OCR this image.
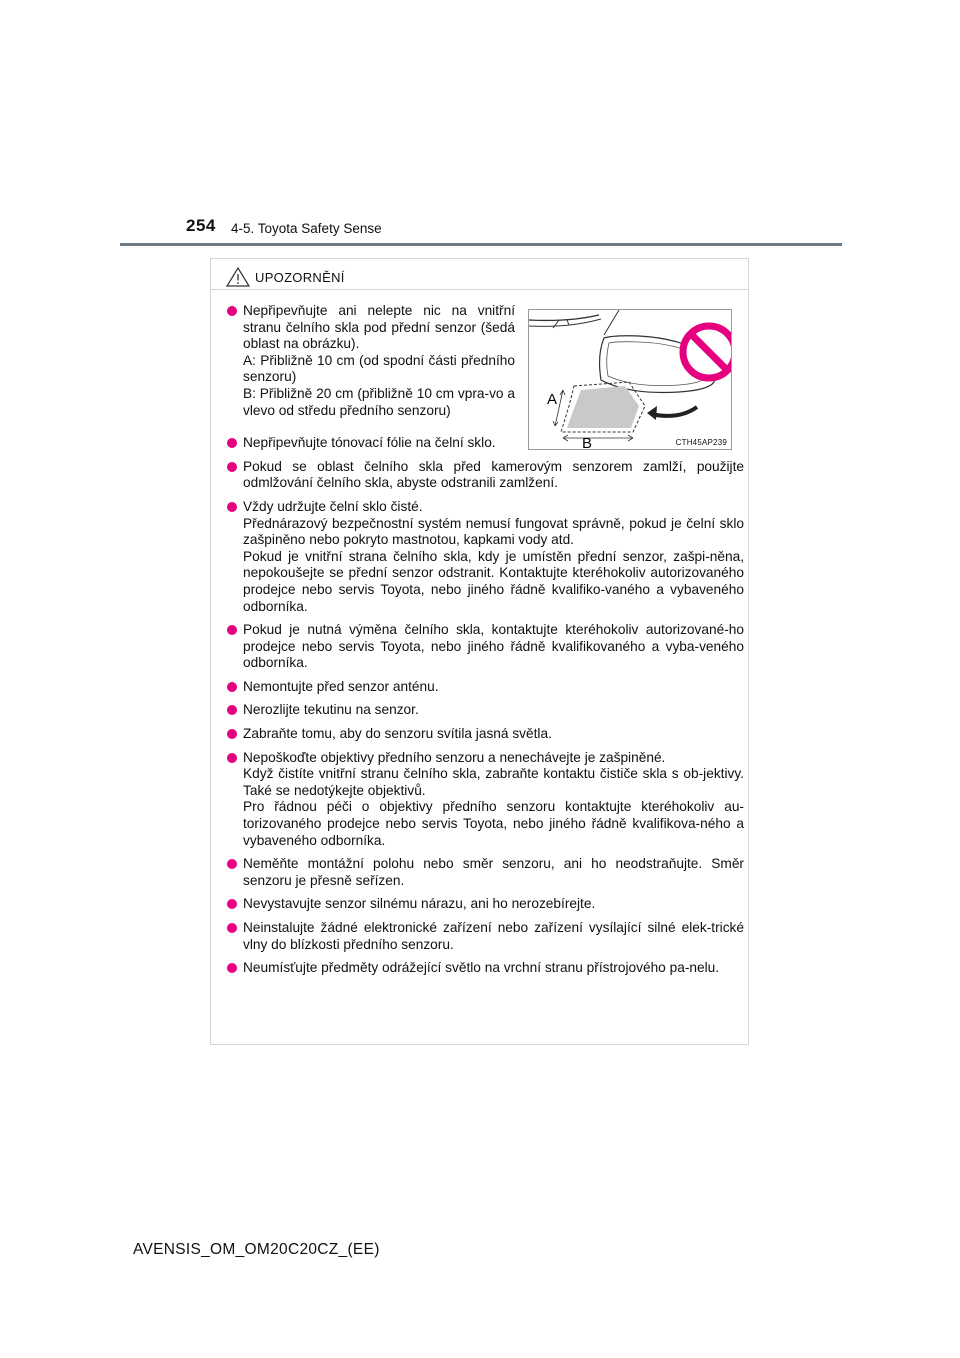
254 4-5. Toyota Safety Sense
UPOZORNĚNÍ
A
B	CTH45AP239
Nepřipevňujte ani nelepte nic na vnitřní stranu čelního skla pod přední senzor (šedá oblast na obrázku).
A: Přibližně 10 cm (od spodní části předního senzoru)
B: Přibližně 20 cm (přibližně 10 cm vpra-vo a vlevo od středu předního senzoru)
Nepřipevňujte tónovací fólie na čelní sklo.
Pokud se oblast čelního skla před kamerovým senzorem zamlží, použijte odmlžování čelního skla, abyste odstranili zamlžení.
Vždy udržujte čelní sklo čisté.
Přednárazový bezpečnostní systém nemusí fungovat správně, pokud je čelní sklo zašpiněno nebo pokryto mastnotou, kapkami vody atd.
Pokud je vnitřní strana čelního skla, kdy je umístěn přední senzor, zašpi-něna, nepokoušejte se přední senzor odstranit. Kontaktujte kteréhokoliv autorizovaného prodejce nebo servis Toyota, nebo jiného řádně kvalifiko-vaného a vybaveného odborníka.
Pokud je nutná výměna čelního skla, kontaktujte kteréhokoliv autorizované-ho prodejce nebo servis Toyota, nebo jiného řádně kvalifikovaného a vyba-veného odborníka.
Nemontujte před senzor anténu.
Nerozlijte tekutinu na senzor.
Zabraňte tomu, aby do senzoru svítila jasná světla.
Nepoškoďte objektivy předního senzoru a nenechávejte je zašpiněné.
Když čistíte vnitřní stranu čelního skla, zabraňte kontaktu čističe skla s ob-jektivy. Také se nedotýkejte objektivů.
Pro řádnou péči o objektivy předního senzoru kontaktujte kteréhokoliv au-torizovaného prodejce nebo servis Toyota, nebo jiného řádně kvalifikova-ného a vybaveného odborníka.
Neměňte montážní polohu nebo směr senzoru, ani ho neodstraňujte. Směr senzoru je přesně seřízen.
Nevystavujte senzor silnému nárazu, ani ho nerozebírejte.
Neinstalujte žádné elektronické zařízení nebo zařízení vysílající silné elek-trické vlny do blízkosti předního senzoru.
Neumísťujte předměty odrážející světlo na vrchní stranu přístrojového pa-nelu.
AVENSIS_OM_OM20C20CZ_(EE)
